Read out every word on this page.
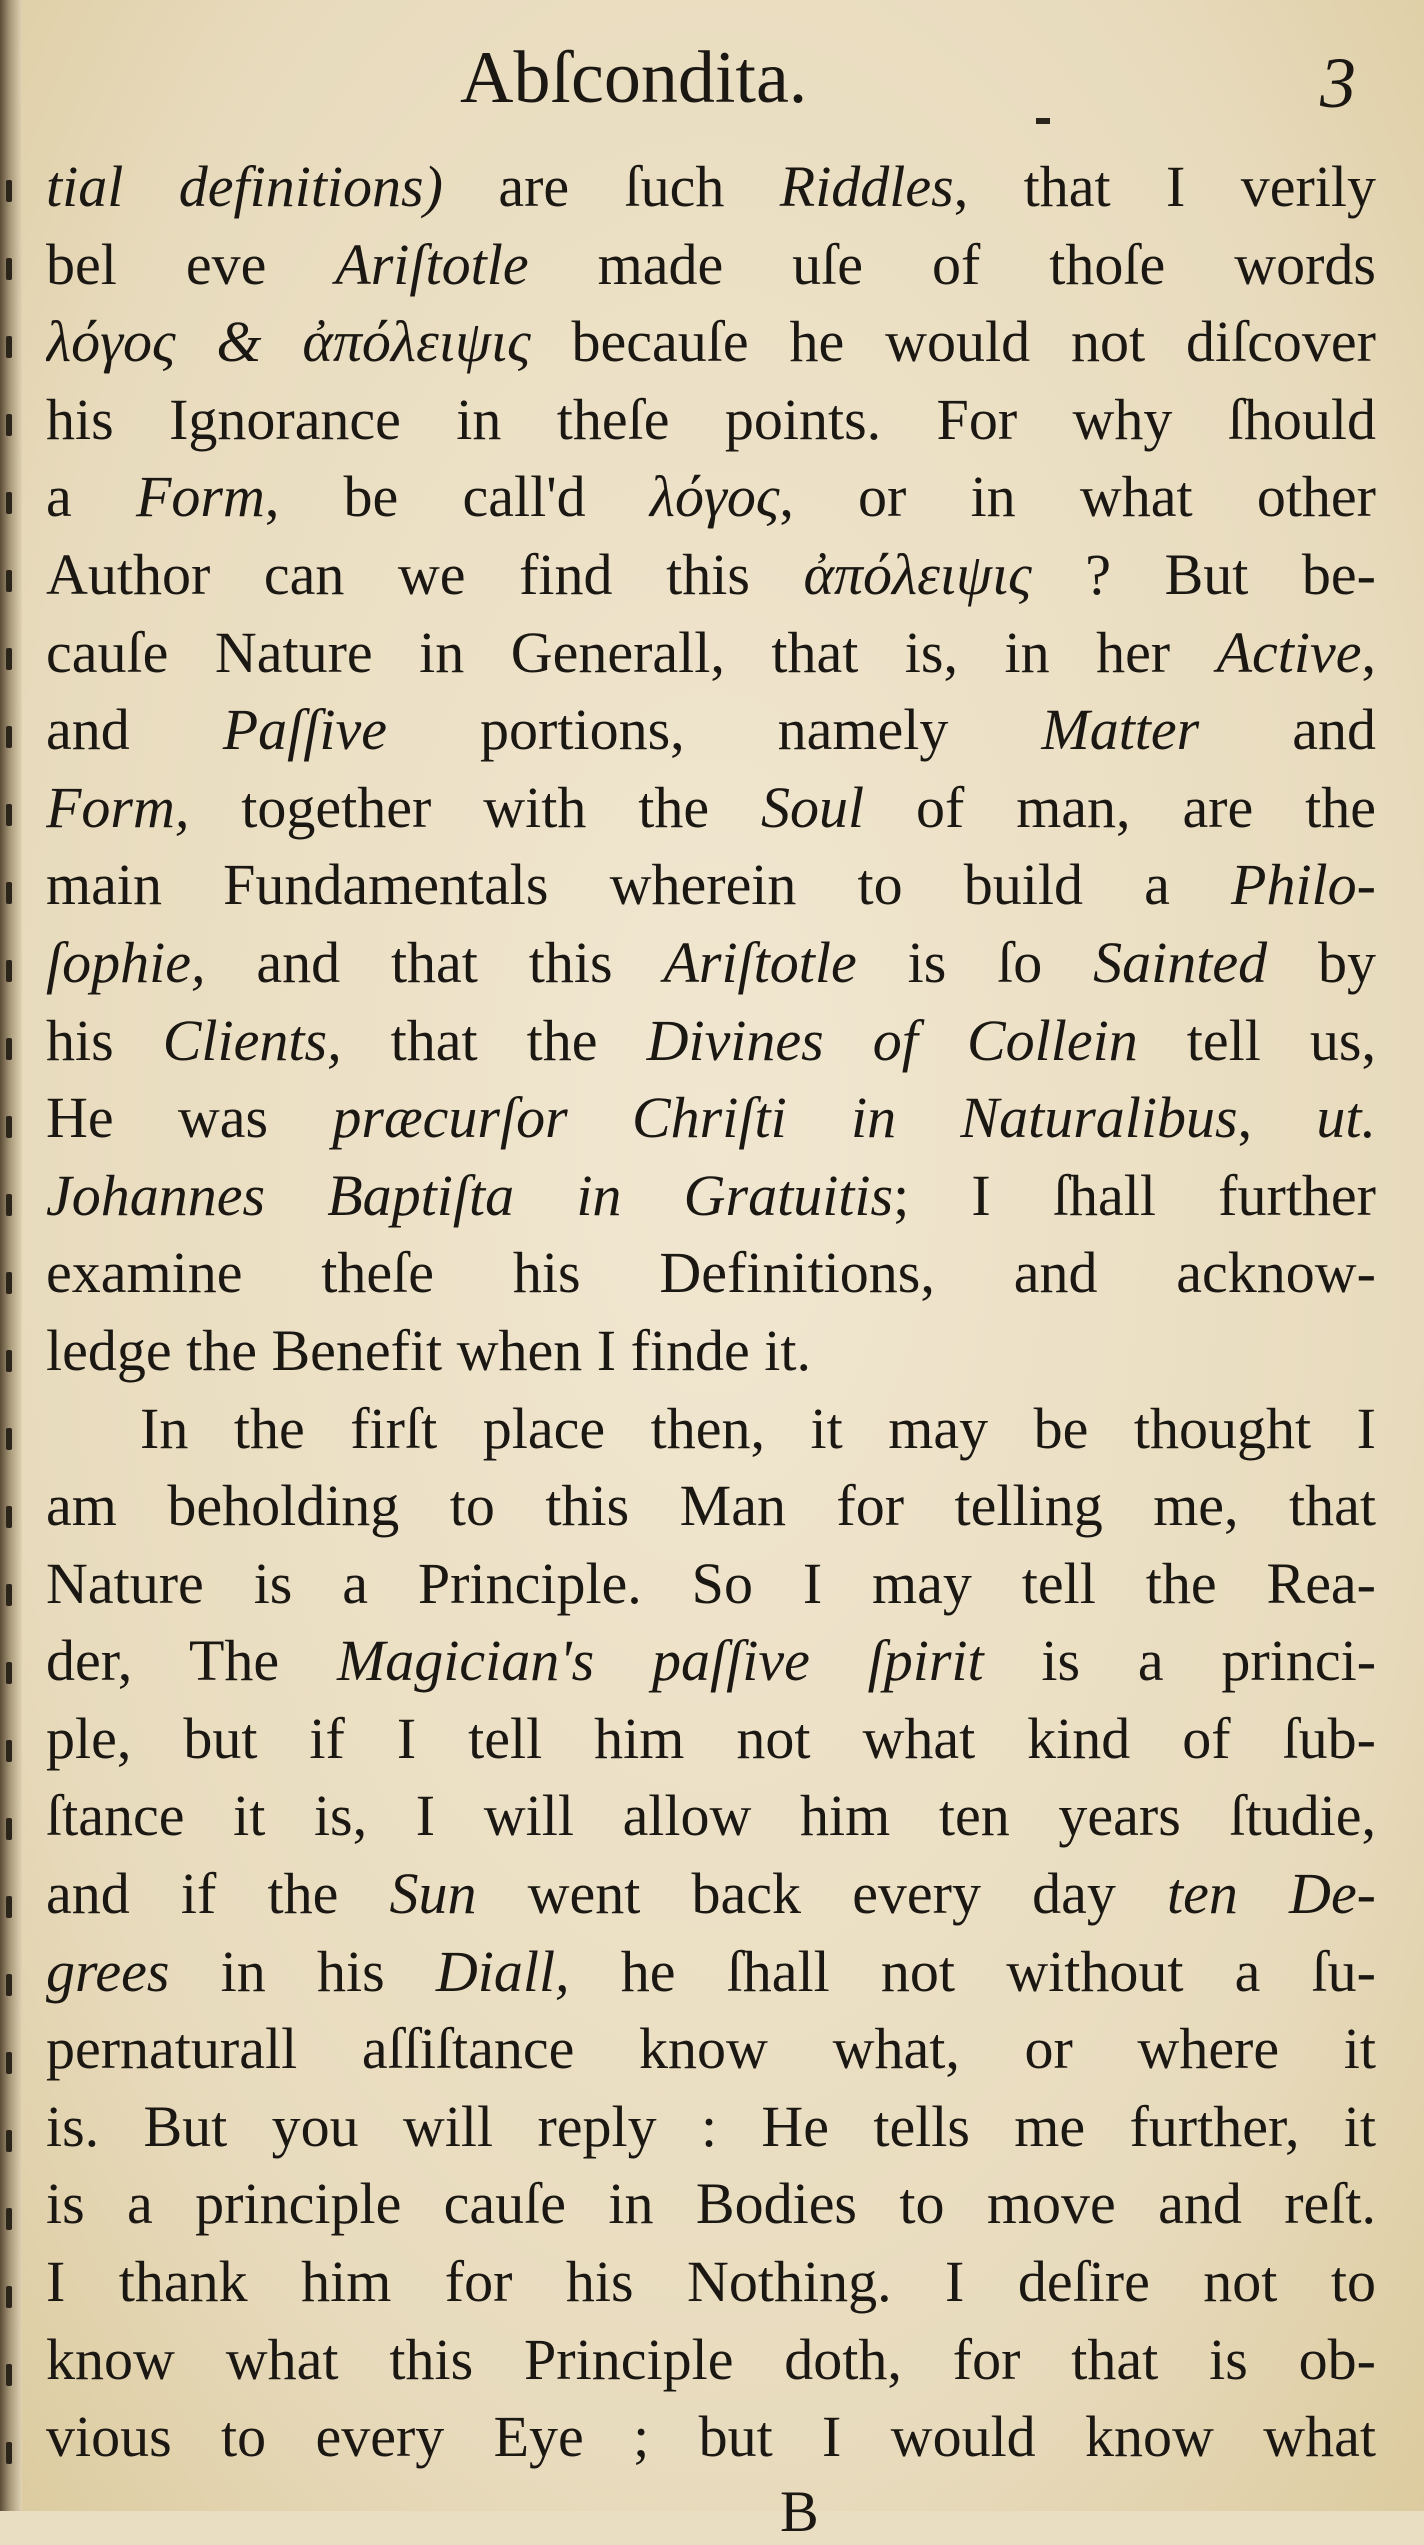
Abſcondita.	3
tial definitions) are ſuch Riddles, that I verily
bel eve Ariſtotle made uſe of thoſe words
λόγος & ἀπόλειψις becauſe he would not diſcover
his Ignorance in theſe points. For why ſhould
a Form, be call'd λόγος, or in what other
Author can we find this ἀπόλειψις ? But be-
cauſe Nature in Generall, that is, in her Active,
and Paſſive portions, namely Matter and
Form, together with the Soul of man, are the
main Fundamentals wherein to build a Philo-
ſophie, and that this Ariſtotle is ſo Sainted by
his Clients, that the Divines of Collein tell us,
He was præcurſor Chriſti in Naturalibus, ut.
Johannes Baptiſta in Gratuitis; I ſhall further
examine theſe his Definitions, and acknow-
ledge the Benefit when I finde it.
In the firſt place then, it may be thought I
am beholding to this Man for telling me, that
Nature is a Principle. So I may tell the Rea-
der, The Magician's paſſive ſpirit is a princi-
ple, but if I tell him not what kind of ſub-
ſtance it is, I will allow him ten years ſtudie,
and if the Sun went back every day ten De-
grees in his Diall, he ſhall not without a ſu-
pernaturall aſſiſtance know what, or where it
is. But you will reply : He tells me further, it
is a principle cauſe in Bodies to move and reſt.
I thank him for his Nothing. I deſire not to
know what this Principle doth, for that is ob-
vious to every Eye ; but I would know what
B
